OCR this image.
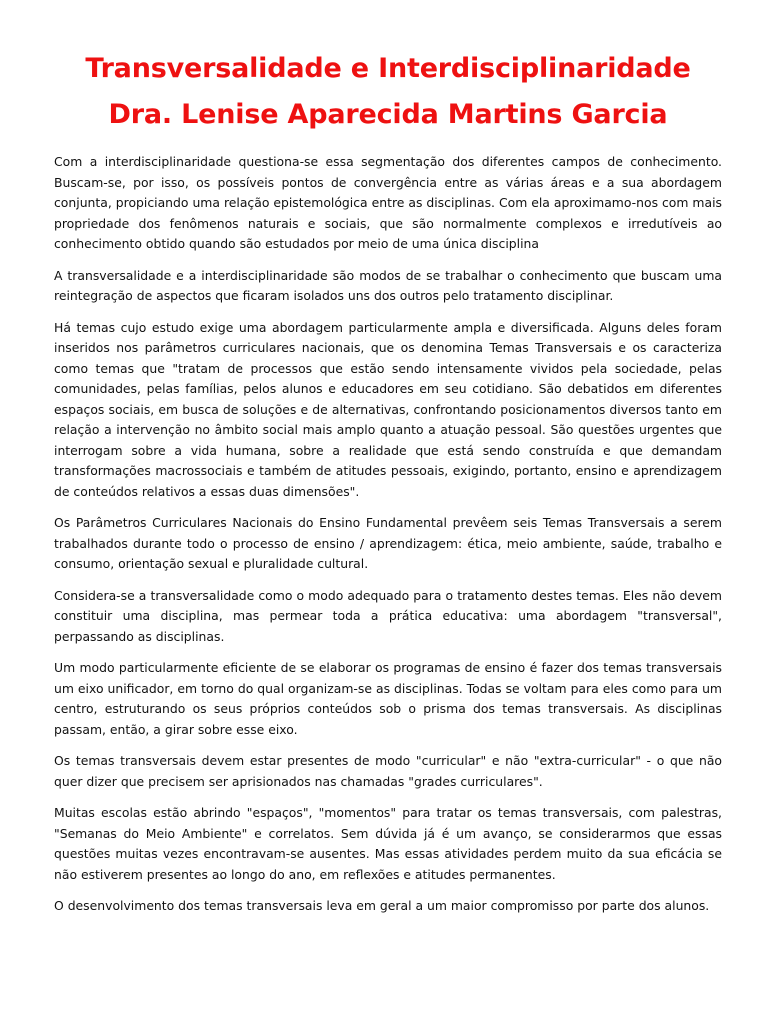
Transversalidade e Interdisciplinaridade
Dra. Lenise Aparecida Martins Garcia

Com a interdisciplinaridade questiona-se essa segmentação dos diferentes campos de conhecimento. Buscam-se, por isso, os possíveis pontos de convergência entre as várias áreas e a sua abordagem conjunta, propiciando uma relação epistemológica entre as disciplinas. Com ela aproximamo-nos com mais propriedade dos fenômenos naturais e sociais, que são normalmente complexos e irredutíveis ao conhecimento obtido quando são estudados por meio de uma única disciplina

A transversalidade e a interdisciplinaridade são modos de se trabalhar o conhecimento que buscam uma reintegração de aspectos que ficaram isolados uns dos outros pelo tratamento disciplinar.

Há temas cujo estudo exige uma abordagem particularmente ampla e diversificada. Alguns deles foram inseridos nos parâmetros curriculares nacionais, que os denomina Temas Transversais e os caracteriza como temas que "tratam de processos que estão sendo intensamente vividos pela sociedade, pelas comunidades, pelas famílias, pelos alunos e educadores em seu cotidiano. São debatidos em diferentes espaços sociais, em busca de soluções e de alternativas, confrontando posicionamentos diversos tanto em relação a intervenção no âmbito social mais amplo quanto a atuação pessoal. São questões urgentes que interrogam sobre a vida humana, sobre a realidade que está sendo construída e que demandam transformações macrossociais e também de atitudes pessoais, exigindo, portanto, ensino e aprendizagem de conteúdos relativos a essas duas dimensões".

Os Parâmetros Curriculares Nacionais do Ensino Fundamental prevêem seis Temas Transversais a serem trabalhados durante todo o processo de ensino / aprendizagem: ética, meio ambiente, saúde, trabalho e consumo, orientação sexual e pluralidade cultural.

Considera-se a transversalidade como o modo adequado para o tratamento destes temas. Eles não devem constituir uma disciplina, mas permear toda a prática educativa: uma abordagem "transversal", perpassando as disciplinas.

Um modo particularmente eficiente de se elaborar os programas de ensino é fazer dos temas transversais um eixo unificador, em torno do qual organizam-se as disciplinas. Todas se voltam para eles como para um centro, estruturando os seus próprios conteúdos sob o prisma dos temas transversais. As disciplinas passam, então, a girar sobre esse eixo.

Os temas transversais devem estar presentes de modo "curricular" e não "extra-curricular" - o que não quer dizer que precisem ser aprisionados nas chamadas "grades curriculares".

Muitas escolas estão abrindo "espaços", "momentos" para tratar os temas transversais, com palestras, "Semanas do Meio Ambiente" e correlatos. Sem dúvida já é um avanço, se considerarmos que essas questões muitas vezes encontravam-se ausentes. Mas essas atividades perdem muito da sua eficácia se não estiverem presentes ao longo do ano, em reflexões e atitudes permanentes.

O desenvolvimento dos temas transversais leva em geral a um maior compromisso por parte dos alunos.
